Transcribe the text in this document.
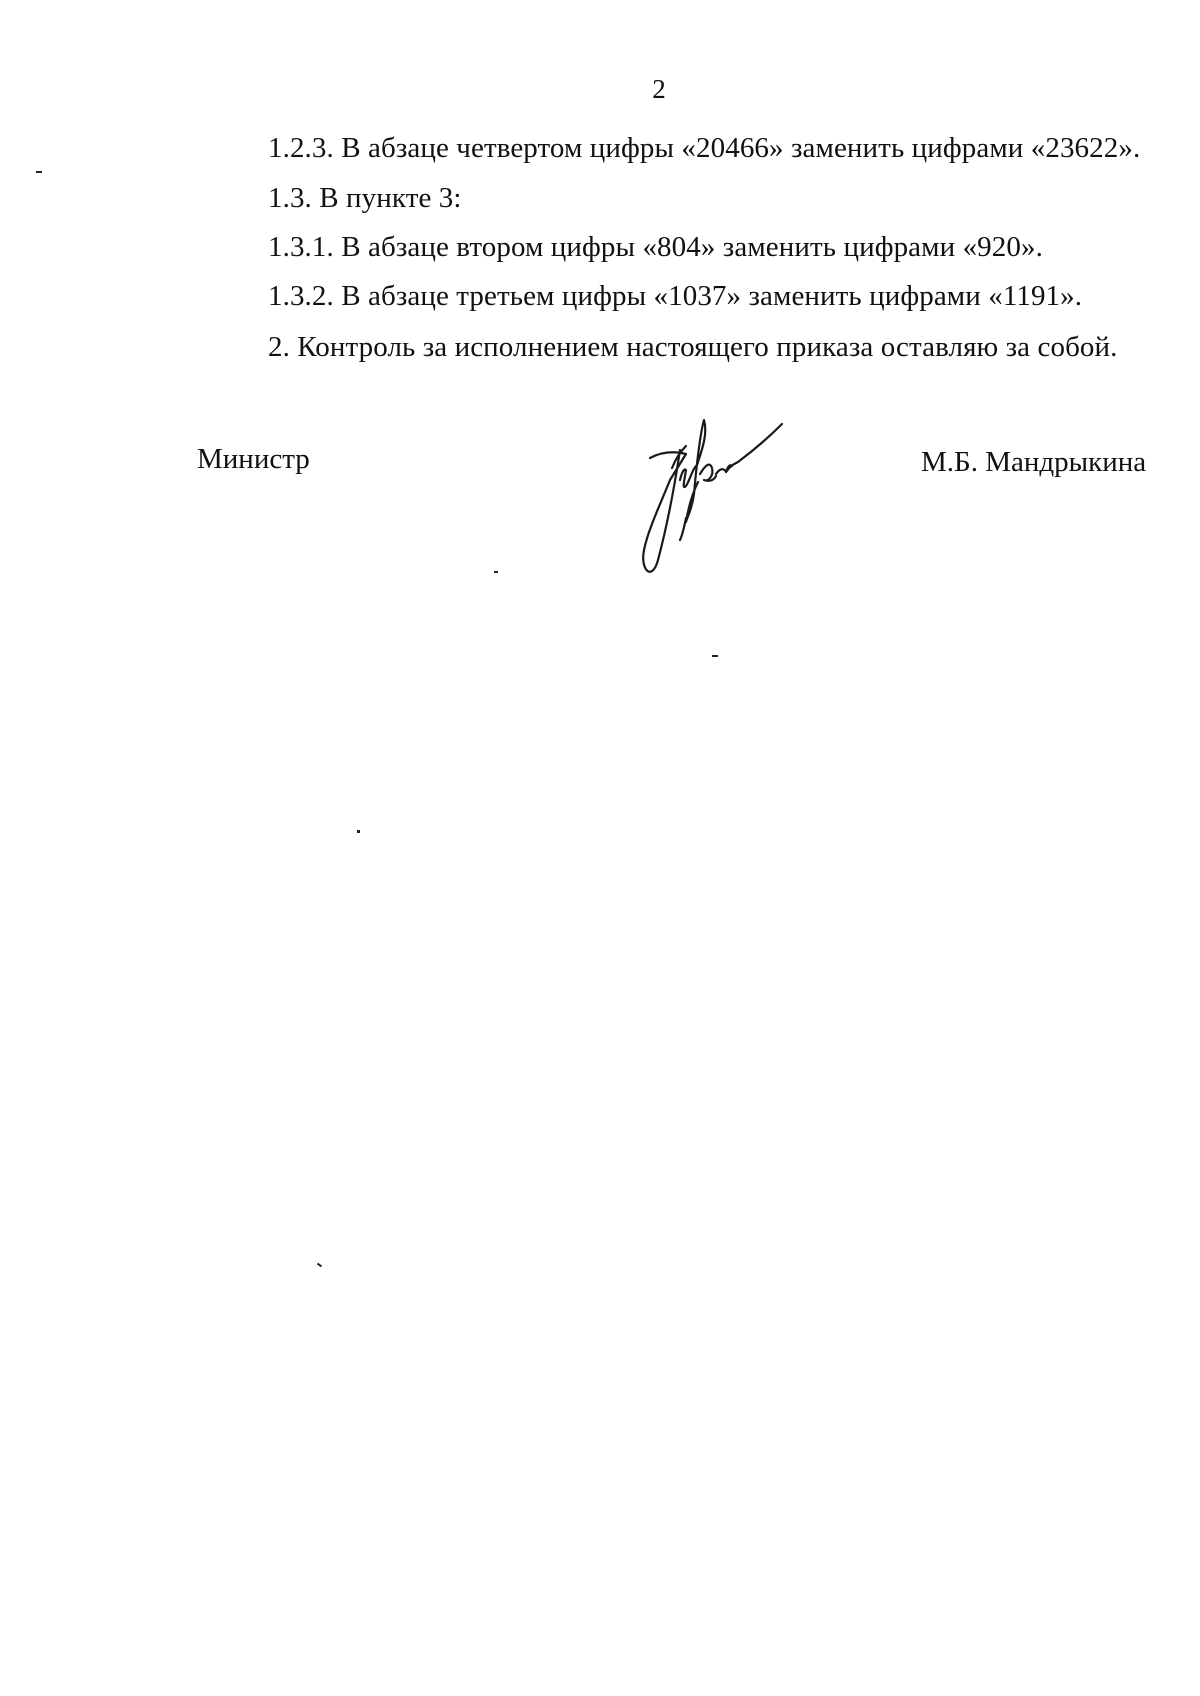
2
1.2.3. В абзаце четвертом цифры «20466» заменить цифрами «23622».
1.3. В пункте 3:
1.3.1. В абзаце втором цифры «804» заменить цифрами «920».
1.3.2. В абзаце третьем цифры «1037» заменить цифрами «1191».
2. Контроль за исполнением настоящего приказа оставляю за собой.
Министр	М.Б. Мандрыкина
